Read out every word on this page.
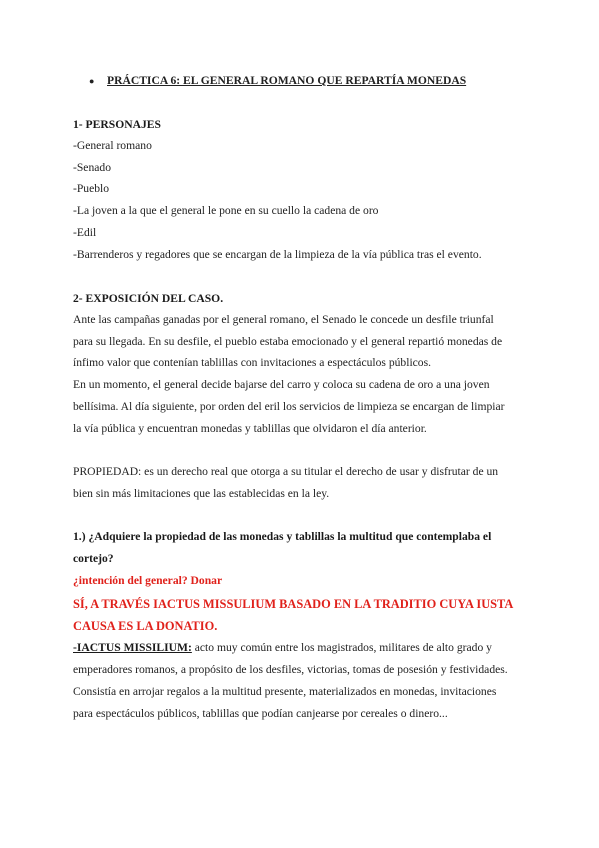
● PRÁCTICA 6: EL GENERAL ROMANO QUE REPARTÍA MONEDAS
1- PERSONAJES
-General romano
-Senado
-Pueblo
-La joven a la que el general le pone en su cuello la cadena de oro
-Edil
-Barrenderos y regadores que se encargan de la limpieza de la vía pública tras el evento.
2- EXPOSICIÓN DEL CASO.
Ante las campañas ganadas por el general romano, el Senado le concede un desfile triunfal
para su llegada. En su desfile, el pueblo estaba emocionado y el general repartió monedas de
ínfimo valor que contenían tablillas con invitaciones a espectáculos públicos.
En un momento, el general decide bajarse del carro y coloca su cadena de oro a una joven
bellísima. Al día siguiente, por orden del eril los servicios de limpieza se encargan de limpiar
la vía pública y encuentran monedas y tablillas que olvidaron el día anterior.
PROPIEDAD: es un derecho real que otorga a su titular el derecho de usar y disfrutar de un
bien sin más limitaciones que las establecidas en la ley.
1.) ¿Adquiere la propiedad de las monedas y tablillas la multitud que contemplaba el
cortejo?
¿intención del general? Donar
SÍ, A TRAVÉS IACTUS MISSULIUM BASADO EN LA TRADITIO CUYA IUSTA
CAUSA ES LA DONATIO.
-IACTUS MISSILIUM: acto muy común entre los magistrados, militares de alto grado y
emperadores romanos, a propósito de los desfiles, victorias, tomas de posesión y festividades.
Consistía en arrojar regalos a la multitud presente, materializados en monedas, invitaciones
para espectáculos públicos, tablillas que podían canjearse por cereales o dinero...
